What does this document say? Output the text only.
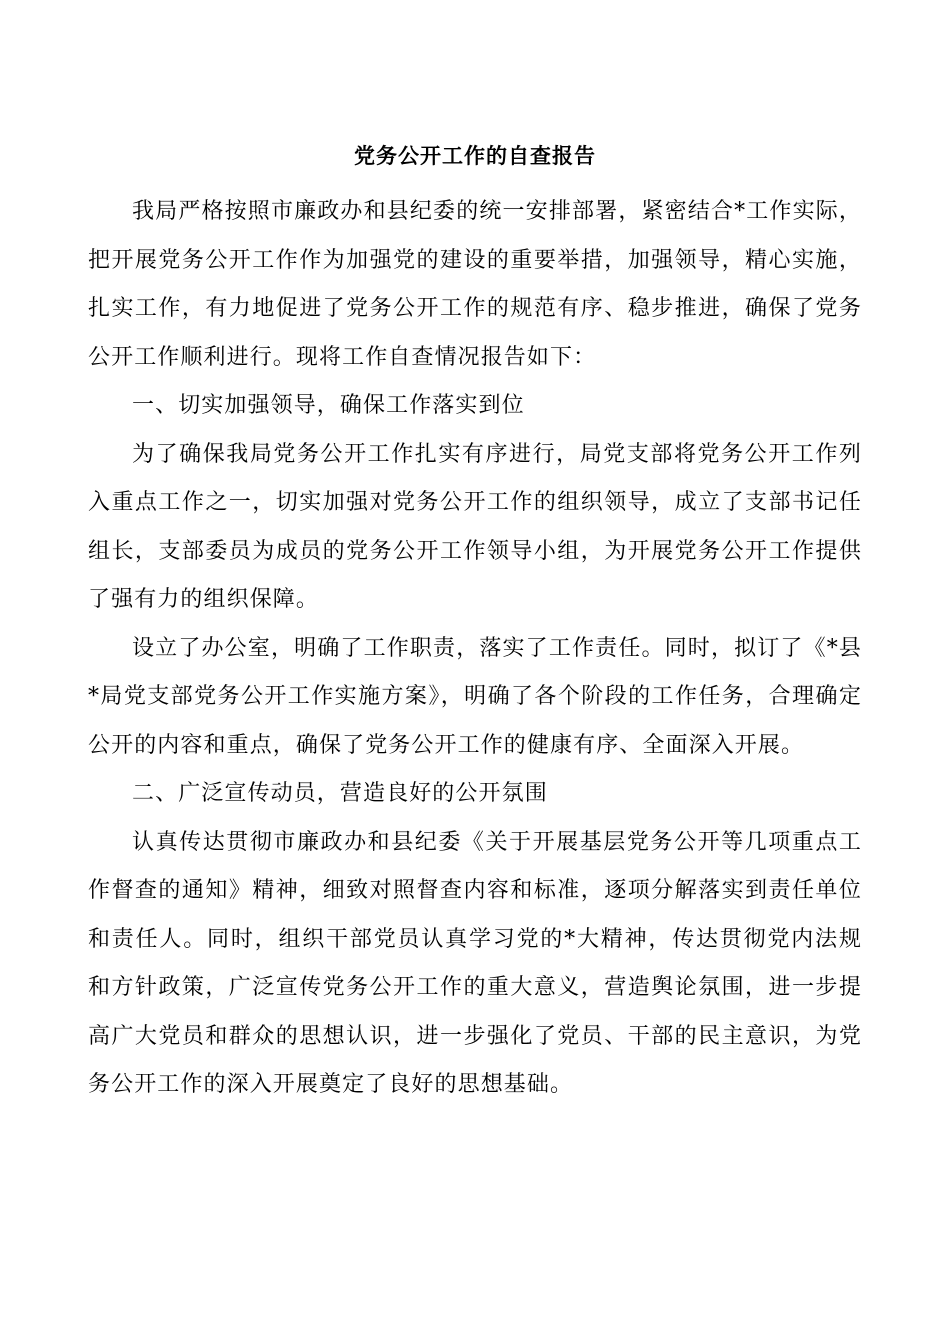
党务公开工作的自查报告

我局严格按照市廉政办和县纪委的统一安排部署，紧密结合*工作实际，把开展党务公开工作作为加强党的建设的重要举措，加强领导，精心实施，扎实工作，有力地促进了党务公开工作的规范有序、稳步推进，确保了党务公开工作顺利进行。现将工作自查情况报告如下：

一、切实加强领导，确保工作落实到位

为了确保我局党务公开工作扎实有序进行，局党支部将党务公开工作列入重点工作之一，切实加强对党务公开工作的组织领导，成立了支部书记任组长，支部委员为成员的党务公开工作领导小组，为开展党务公开工作提供了强有力的组织保障。

设立了办公室，明确了工作职责，落实了工作责任。同时，拟订了《*县*局党支部党务公开工作实施方案》，明确了各个阶段的工作任务，合理确定公开的内容和重点，确保了党务公开工作的健康有序、全面深入开展。

二、广泛宣传动员，营造良好的公开氛围

认真传达贯彻市廉政办和县纪委《关于开展基层党务公开等几项重点工作督查的通知》精神，细致对照督查内容和标准，逐项分解落实到责任单位和责任人。同时，组织干部党员认真学习党的*大精神，传达贯彻党内法规和方针政策，广泛宣传党务公开工作的重大意义，营造舆论氛围，进一步提高广大党员和群众的思想认识，进一步强化了党员、干部的民主意识，为党务公开工作的深入开展奠定了良好的思想基础。
